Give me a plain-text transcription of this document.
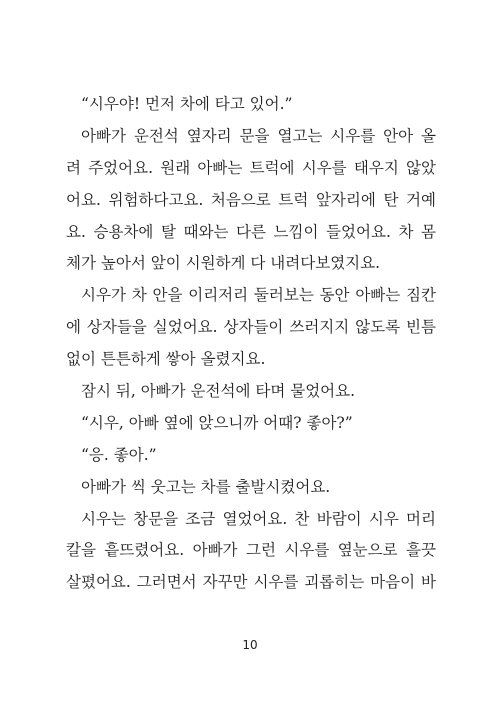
“시우야! 먼저 차에 타고 있어.”
아빠가 운전석 옆자리 문을 열고는 시우를 안아 올
려 주었어요. 원래 아빠는 트럭에 시우를 태우지 않았
어요. 위험하다고요. 처음으로 트럭 앞자리에 탄 거예
요. 승용차에 탈 때와는 다른 느낌이 들었어요. 차 몸
체가 높아서 앞이 시원하게 다 내려다보였지요.
시우가 차 안을 이리저리 둘러보는 동안 아빠는 짐칸
에 상자들을 실었어요. 상자들이 쓰러지지 않도록 빈틈
없이 튼튼하게 쌓아 올렸지요.
잠시 뒤, 아빠가 운전석에 타며 물었어요.
“시우, 아빠 옆에 앉으니까 어때? 좋아?”
“응. 좋아.”
아빠가 씩 웃고는 차를 출발시켰어요.
시우는 창문을 조금 열었어요. 찬 바람이 시우 머리
칼을 흩뜨렸어요. 아빠가 그런 시우를 옆눈으로 흘끗
살폈어요. 그러면서 자꾸만 시우를 괴롭히는 마음이 바
10
